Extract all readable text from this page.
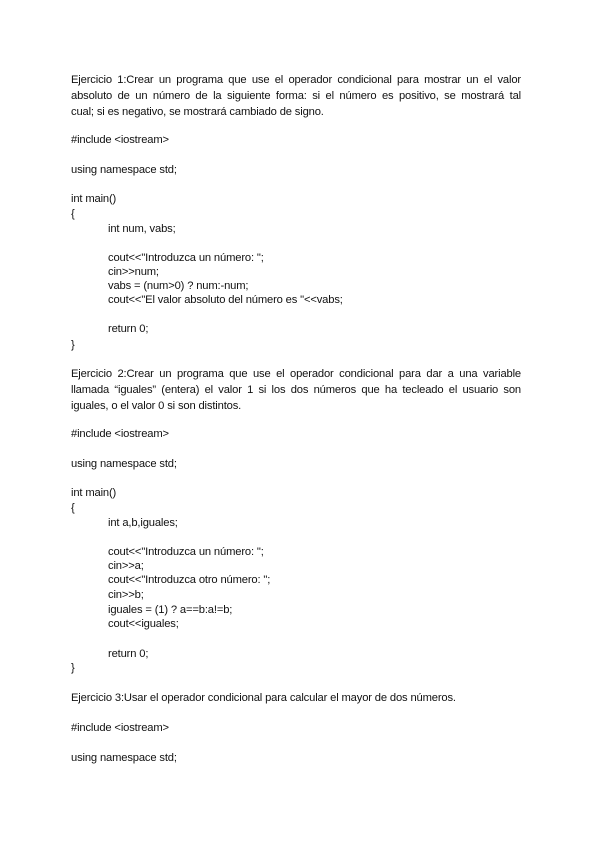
Ejercicio 1:Crear un programa que use el operador condicional para mostrar un el valor
absoluto de un número de la siguiente forma: si el número es positivo, se mostrará tal
cual; si es negativo, se mostrará cambiado de signo.
#include <iostream>
using namespace std;
int main()
{
int num, vabs;
cout<<"Introduzca un número: ";
cin>>num;
vabs = (num>0) ? num:-num;
cout<<"El valor absoluto del número es "<<vabs;
return 0;
}
Ejercicio 2:Crear un programa que use el operador condicional para dar a una variable
llamada “iguales” (entera) el valor 1 si los dos números que ha tecleado el usuario son
iguales, o el valor 0 si son distintos.
#include <iostream>
using namespace std;
int main()
{
int a,b,iguales;
cout<<"Introduzca un número: ";
cin>>a;
cout<<"Introduzca otro número: ";
cin>>b;
iguales = (1) ? a==b:a!=b;
cout<<iguales;
return 0;
}
Ejercicio 3:Usar el operador condicional para calcular el mayor de dos números.
#include <iostream>
using namespace std;
